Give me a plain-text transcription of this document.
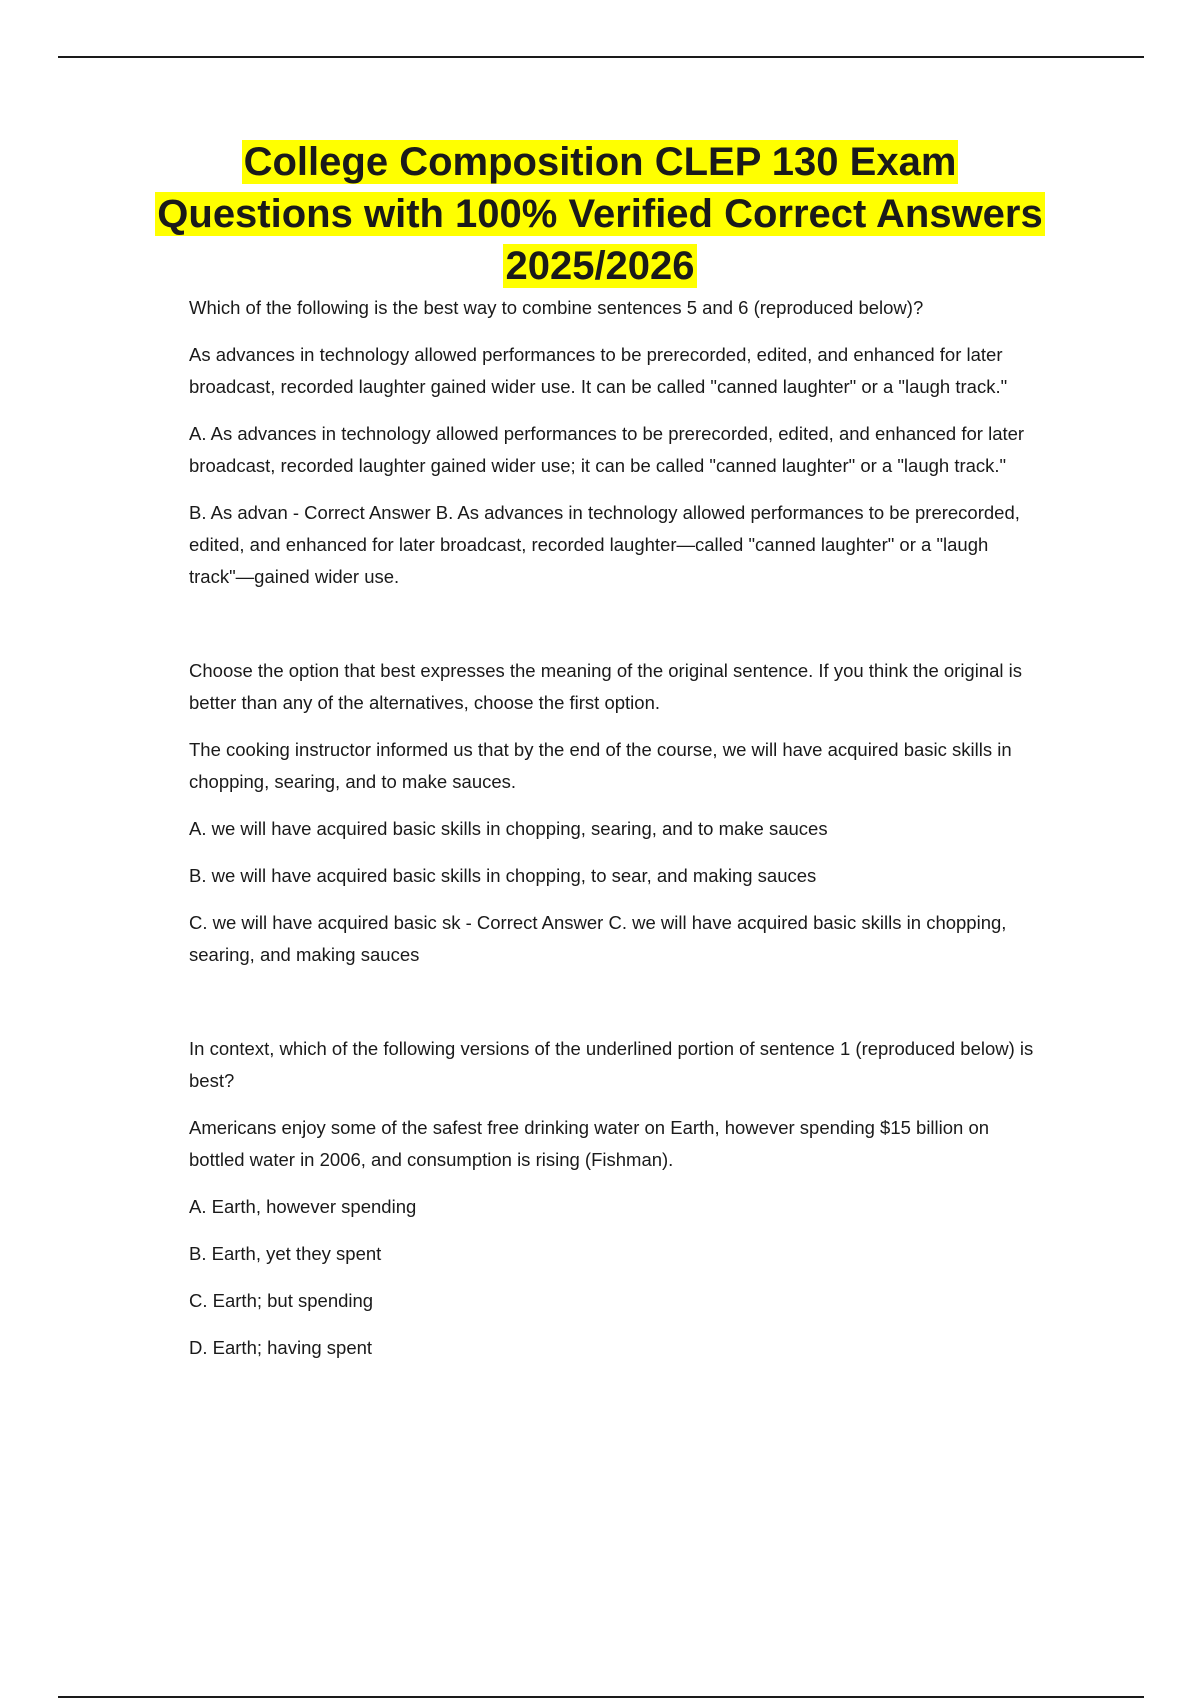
College Composition CLEP 130 Exam Questions with 100% Verified Correct Answers 2025/2026

Which of the following is the best way to combine sentences 5 and 6 (reproduced below)?

As advances in technology allowed performances to be prerecorded, edited, and enhanced for later broadcast, recorded laughter gained wider use. It can be called "canned laughter" or a "laugh track."

A. As advances in technology allowed performances to be prerecorded, edited, and enhanced for later broadcast, recorded laughter gained wider use; it can be called "canned laughter" or a "laugh track."

B. As advan - Correct Answer B. As advances in technology allowed performances to be prerecorded, edited, and enhanced for later broadcast, recorded laughter—called "canned laughter" or a "laugh track"—gained wider use.

Choose the option that best expresses the meaning of the original sentence. If you think the original is better than any of the alternatives, choose the first option.

The cooking instructor informed us that by the end of the course, we will have acquired basic skills in chopping, searing, and to make sauces.

A. we will have acquired basic skills in chopping, searing, and to make sauces

B. we will have acquired basic skills in chopping, to sear, and making sauces

C. we will have acquired basic sk - Correct Answer C. we will have acquired basic skills in chopping, searing, and making sauces

In context, which of the following versions of the underlined portion of sentence 1 (reproduced below) is best?

Americans enjoy some of the safest free drinking water on Earth, however spending $15 billion on bottled water in 2006, and consumption is rising (Fishman).

A. Earth, however spending

B. Earth, yet they spent

C. Earth; but spending

D. Earth; having spent
